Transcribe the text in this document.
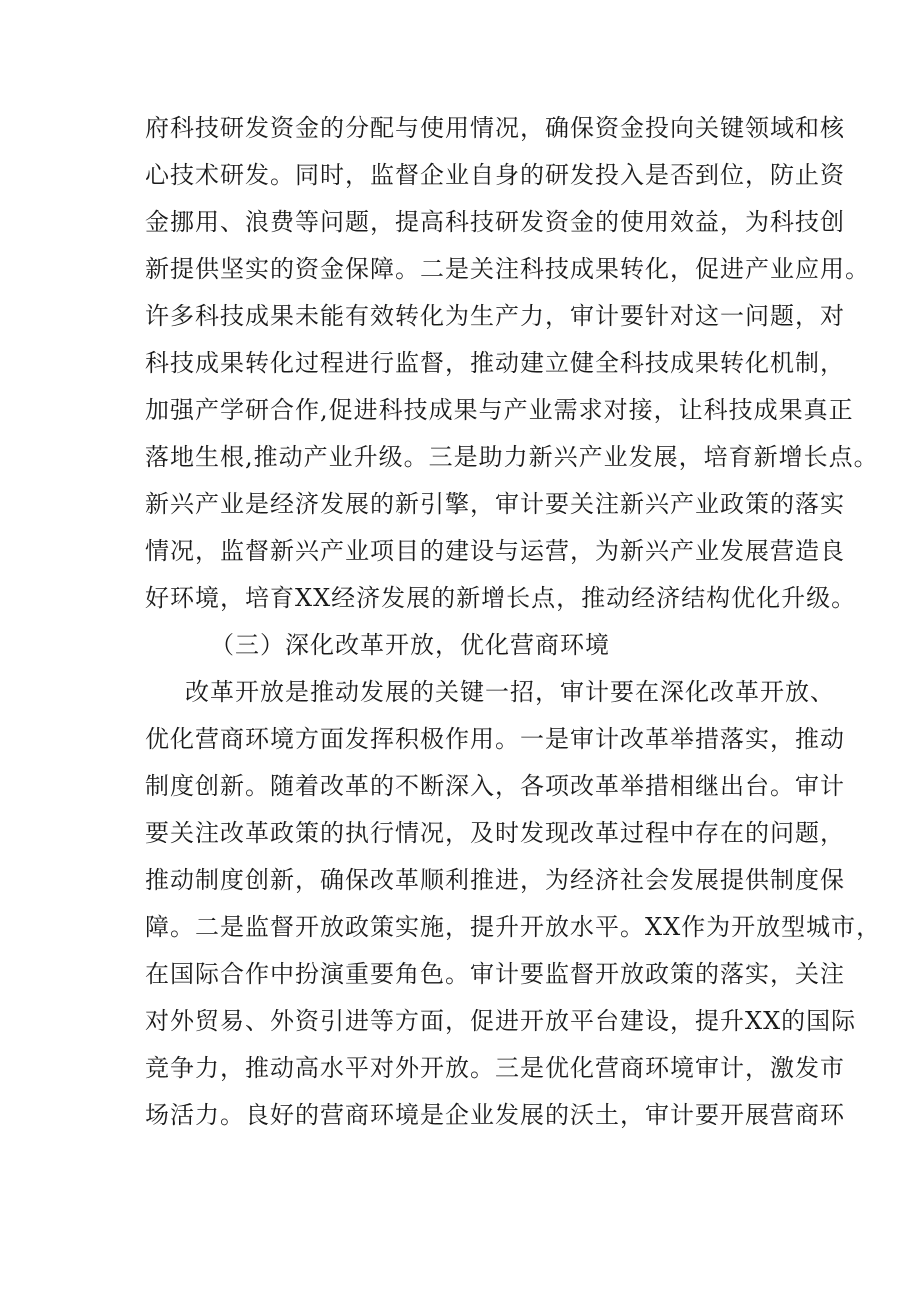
府科技研发资金的分配与使用情况，确保资金投向关键领域和核
心技术研发。同时，监督企业自身的研发投入是否到位，防止资
金挪用、浪费等问题，提高科技研发资金的使用效益，为科技创
新提供坚实的资金保障。二是关注科技成果转化，促进产业应用。
许多科技成果未能有效转化为生产力，审计要针对这一问题，对
科技成果转化过程进行监督，推动建立健全科技成果转化机制，
加强产学研合作,促进科技成果与产业需求对接，让科技成果真正
落地生根,推动产业升级。三是助力新兴产业发展，培育新增长点。
新兴产业是经济发展的新引擎，审计要关注新兴产业政策的落实
情况，监督新兴产业项目的建设与运营，为新兴产业发展营造良
好环境，培育XX经济发展的新增长点，推动经济结构优化升级。
（三）深化改革开放，优化营商环境
改革开放是推动发展的关键一招，审计要在深化改革开放、
优化营商环境方面发挥积极作用。一是审计改革举措落实，推动
制度创新。随着改革的不断深入，各项改革举措相继出台。审计
要关注改革政策的执行情况，及时发现改革过程中存在的问题，
推动制度创新，确保改革顺利推进，为经济社会发展提供制度保
障。二是监督开放政策实施，提升开放水平。XX作为开放型城市，
在国际合作中扮演重要角色。审计要监督开放政策的落实，关注
对外贸易、外资引进等方面，促进开放平台建设，提升XX的国际
竞争力，推动高水平对外开放。三是优化营商环境审计，激发市
场活力。良好的营商环境是企业发展的沃土，审计要开展营商环
